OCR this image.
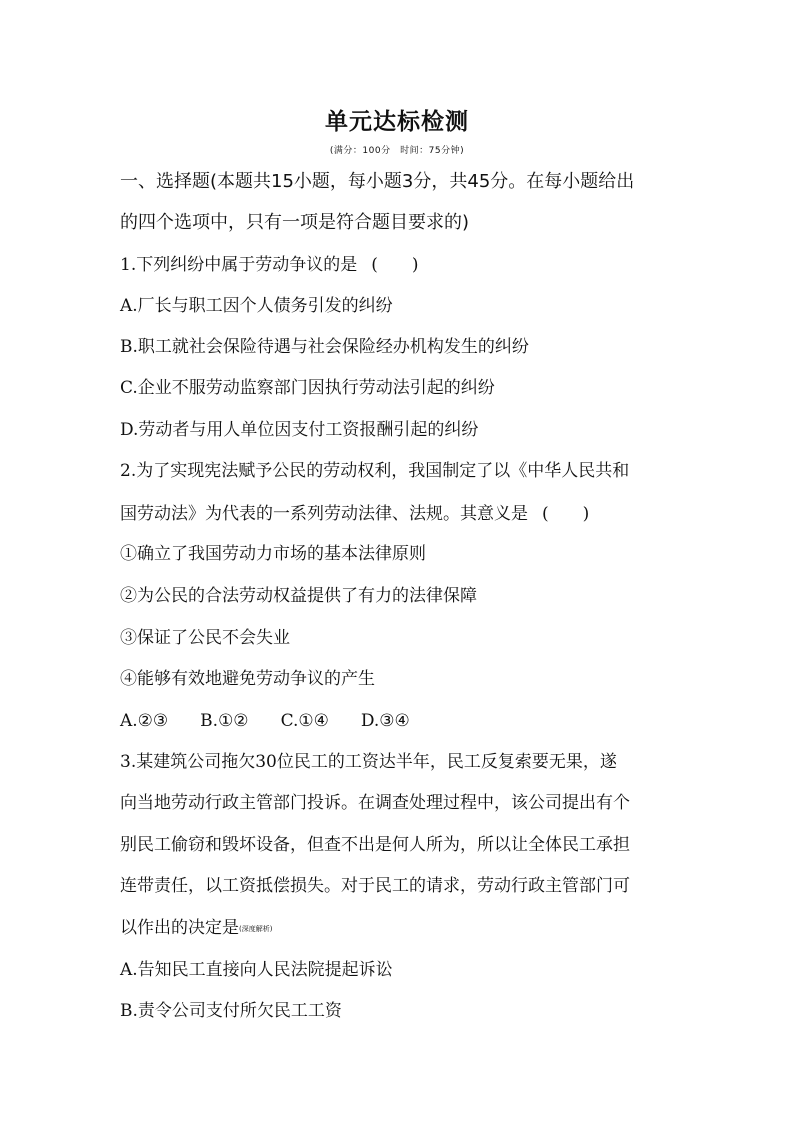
单元达标检测
(满分：100分　时间：75分钟)
一、选择题(本题共15小题，每小题3分，共45分。在每小题给出
的四个选项中，只有一项是符合题目要求的)
1.下列纠纷中属于劳动争议的是 (　　)
A.厂长与职工因个人债务引发的纠纷
B.职工就社会保险待遇与社会保险经办机构发生的纠纷
C.企业不服劳动监察部门因执行劳动法引起的纠纷
D.劳动者与用人单位因支付工资报酬引起的纠纷
2.为了实现宪法赋予公民的劳动权利，我国制定了以《中华人民共和
国劳动法》为代表的一系列劳动法律、法规。其意义是 (　　)
①确立了我国劳动力市场的基本法律原则
②为公民的合法劳动权益提供了有力的法律保障
③保证了公民不会失业
④能够有效地避免劳动争议的产生
A.②③ B.①② C.①④ D.③④
3.某建筑公司拖欠30位民工的工资达半年，民工反复索要无果，遂
向当地劳动行政主管部门投诉。在调查处理过程中，该公司提出有个
别民工偷窃和毁坏设备，但查不出是何人所为，所以让全体民工承担
连带责任，以工资抵偿损失。对于民工的请求，劳动行政主管部门可
以作出的决定是(深度解析)
A.告知民工直接向人民法院提起诉讼
B.责令公司支付所欠民工工资
